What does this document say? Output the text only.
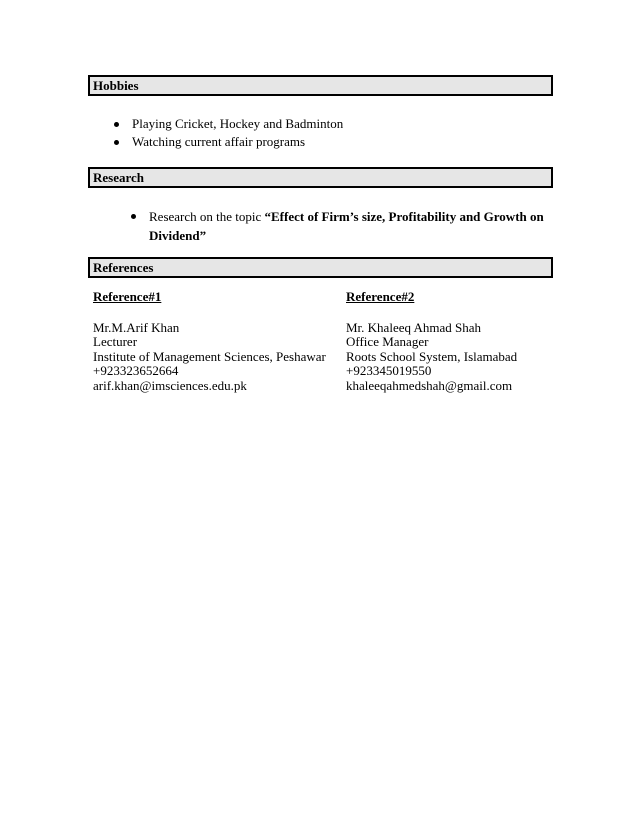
Hobbies
Playing Cricket, Hockey and Badminton
Watching current affair programs
Research
Research on the topic “Effect of Firm’s size, Profitability and Growth on Dividend”
References
Reference#1
Mr.M.Arif Khan
Lecturer
Institute of Management Sciences, Peshawar
+923323652664
arif.khan@imsciences.edu.pk
Reference#2
Mr. Khaleeq Ahmad Shah
Office Manager
Roots School System, Islamabad
+923345019550
khaleeqahmedshah@gmail.com
